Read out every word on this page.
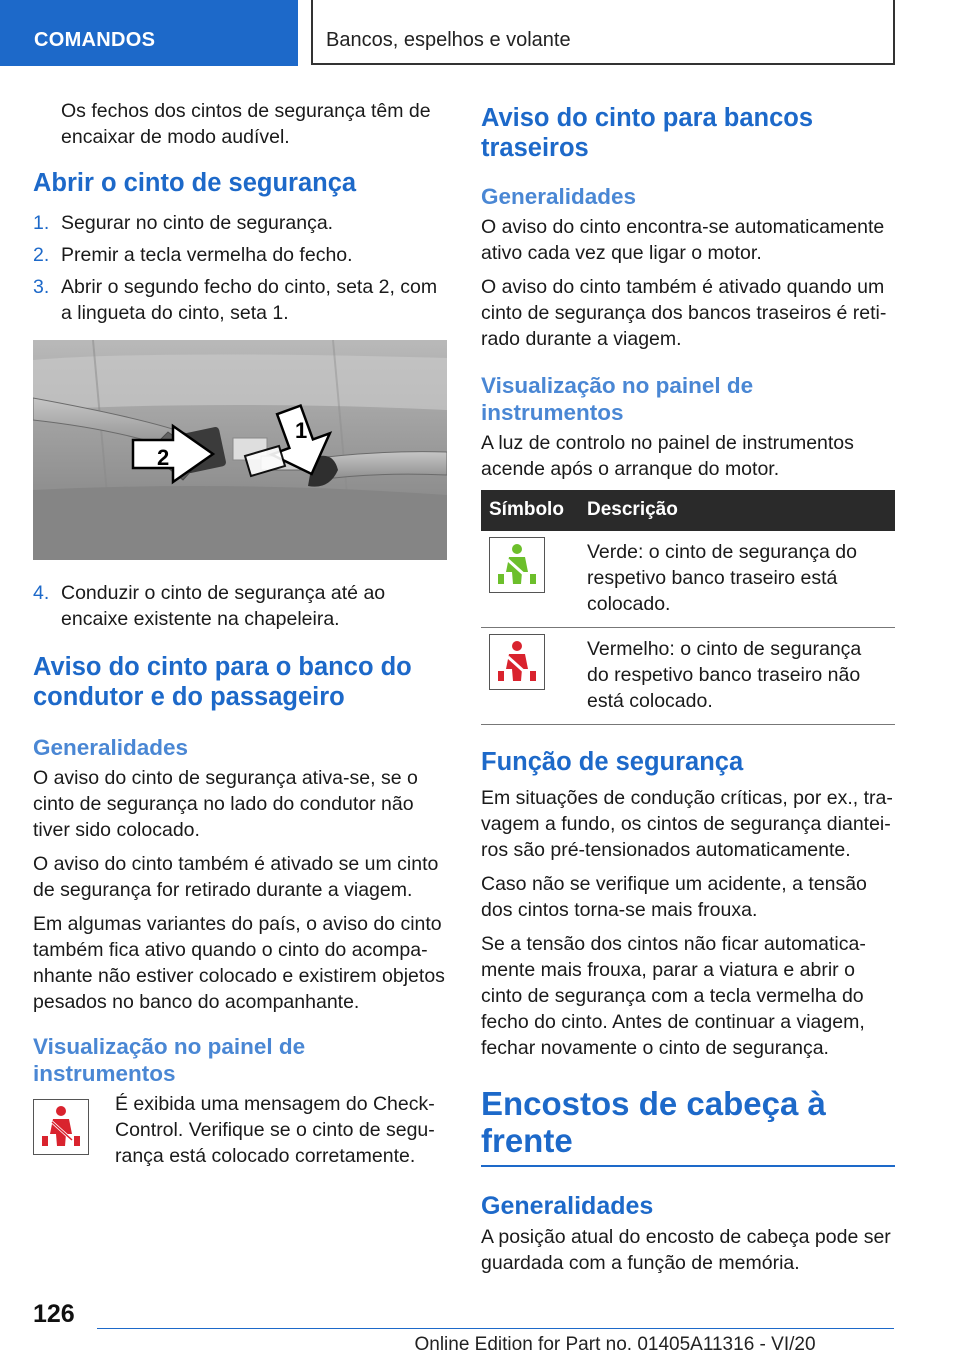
COMANDOS	Bancos, espelhos e volante

Os fechos dos cintos de segurança têm de encaixar de modo audível.

Abrir o cinto de segurança
1. Segurar no cinto de segurança.
2. Premir a tecla vermelha do fecho.
3. Abrir o segundo fecho do cinto, seta 2, com a lingueta do cinto, seta 1.
2
1
4. Conduzir o cinto de segurança até ao encaixe existente na chapeleira.
Aviso do cinto para o banco do condutor e do passageiro
Generalidades

O aviso do cinto de segurança ativa-se, se o cinto de segurança no lado do condutor não tiver sido colocado.

O aviso do cinto também é ativado se um cinto de segurança for retirado durante a viagem.

Em algumas variantes do país, o aviso do cinto também fica ativo quando o cinto do acompanhante não estiver colocado e existirem objetos pesados no banco do acompanhante.

Visualização no painel de instrumentos

É exibida uma mensagem do Check-Control. Verifique se o cinto de segurança está colocado corretamente.

Aviso do cinto para bancos traseiros
Generalidades

O aviso do cinto encontra-se automaticamente ativo cada vez que ligar o motor.

O aviso do cinto também é ativado quando um cinto de segurança dos bancos traseiros é retirado durante a viagem.

Visualização no painel de instrumentos

A luz de controlo no painel de instrumentos acende após o arranque do motor.

Símbolo	Descrição

	Verde: o cinto de segurança do respetivo banco traseiro está colocado.

	Vermelho: o cinto de segurança do respetivo banco traseiro não está colocado.
Função de segurança

Em situações de condução críticas, por ex., travagem a fundo, os cintos de segurança dianteiros são pré-tensionados automaticamente.

Caso não se verifique um acidente, a tensão dos cintos torna-se mais frouxa.

Se a tensão dos cintos não ficar automaticamente mais frouxa, parar a viatura e abrir o cinto de segurança com a tecla vermelha do fecho do cinto. Antes de continuar a viagem, fechar novamente o cinto de segurança.

Encostos de cabeça à frente
Generalidades

A posição atual do encosto de cabeça pode ser guardada com a função de memória.

126
Online Edition for Part no. 01405A11316 - VI/20
